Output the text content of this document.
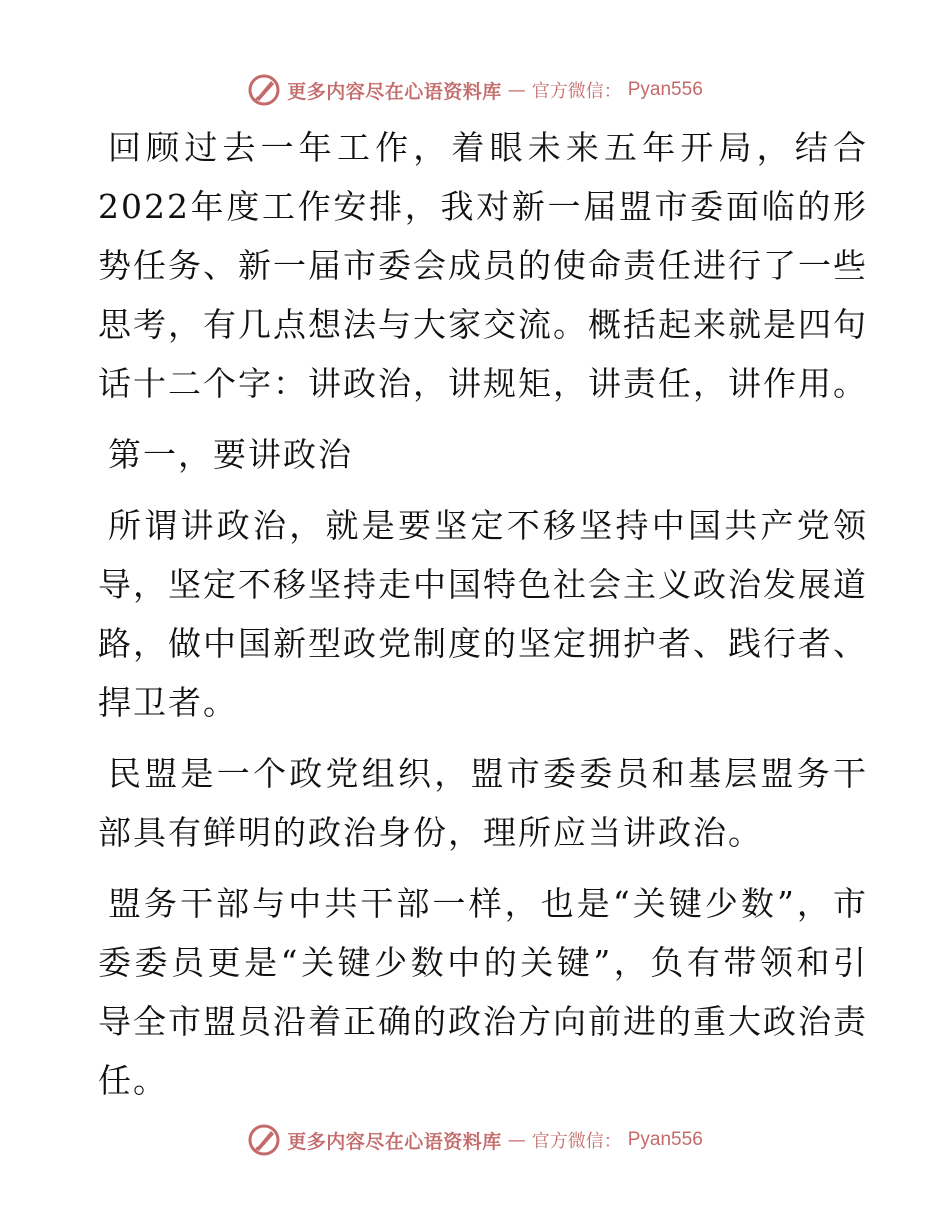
更多内容尽在心语资料库 — 官方微信： Pyan556

回顾过去一年工作，着眼未来五年开局，结合2022年度工作安排，我对新一届盟市委面临的形势任务、新一届市委会成员的使命责任进行了一些思考，有几点想法与大家交流。概括起来就是四句话十二个字：讲政治，讲规矩，讲责任，讲作用。

第一，要讲政治

所谓讲政治，就是要坚定不移坚持中国共产党领导，坚定不移坚持走中国特色社会主义政治发展道路，做中国新型政党制度的坚定拥护者、践行者、捍卫者。

民盟是一个政党组织，盟市委委员和基层盟务干部具有鲜明的政治身份，理所应当讲政治。

盟务干部与中共干部一样，也是“关键少数”，市委委员更是“关键少数中的关键”，负有带领和引导全市盟员沿着正确的政治方向前进的重大政治责任。

更多内容尽在心语资料库 — 官方微信： Pyan556
